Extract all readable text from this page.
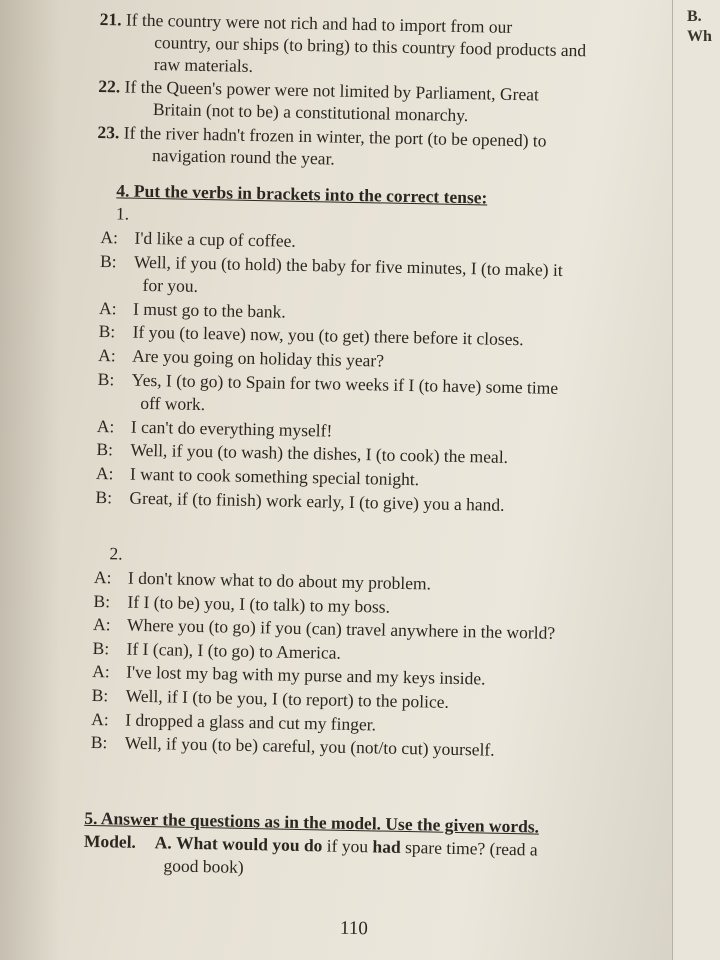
21. If the country were not rich and had to import from our
country, our ships (to bring) to this country food products and
raw materials.
22. If the Queen's power were not limited by Parliament, Great
Britain (not to be) a constitutional monarchy.
23. If the river hadn't frozen in winter, the port (to be opened) to
navigation round the year.
4. Put the verbs in brackets into the correct tense:
1.
A: I'd like a cup of coffee.
B: Well, if you (to hold) the baby for five minutes, I (to make) it
for you.
A: I must go to the bank.
B: If you (to leave) now, you (to get) there before it closes.
A: Are you going on holiday this year?
B: Yes, I (to go) to Spain for two weeks if I (to have) some time
off work.
A: I can't do everything myself!
B: Well, if you (to wash) the dishes, I (to cook) the meal.
A: I want to cook something special tonight.
B: Great, if (to finish) work early, I (to give) you a hand.
2.
A: I don't know what to do about my problem.
B: If I (to be) you, I (to talk) to my boss.
A: Where you (to go) if you (can) travel anywhere in the world?
B: If I (can), I (to go) to America.
A: I've lost my bag with my purse and my keys inside.
B: Well, if I (to be you, I (to report) to the police.
A: I dropped a glass and cut my finger.
B: Well, if you (to be) careful, you (not/to cut) yourself.
5. Answer the questions as in the model. Use the given words.
Model. A. What would you do if you had spare time? (read a
good book)
110
B.
Wh
